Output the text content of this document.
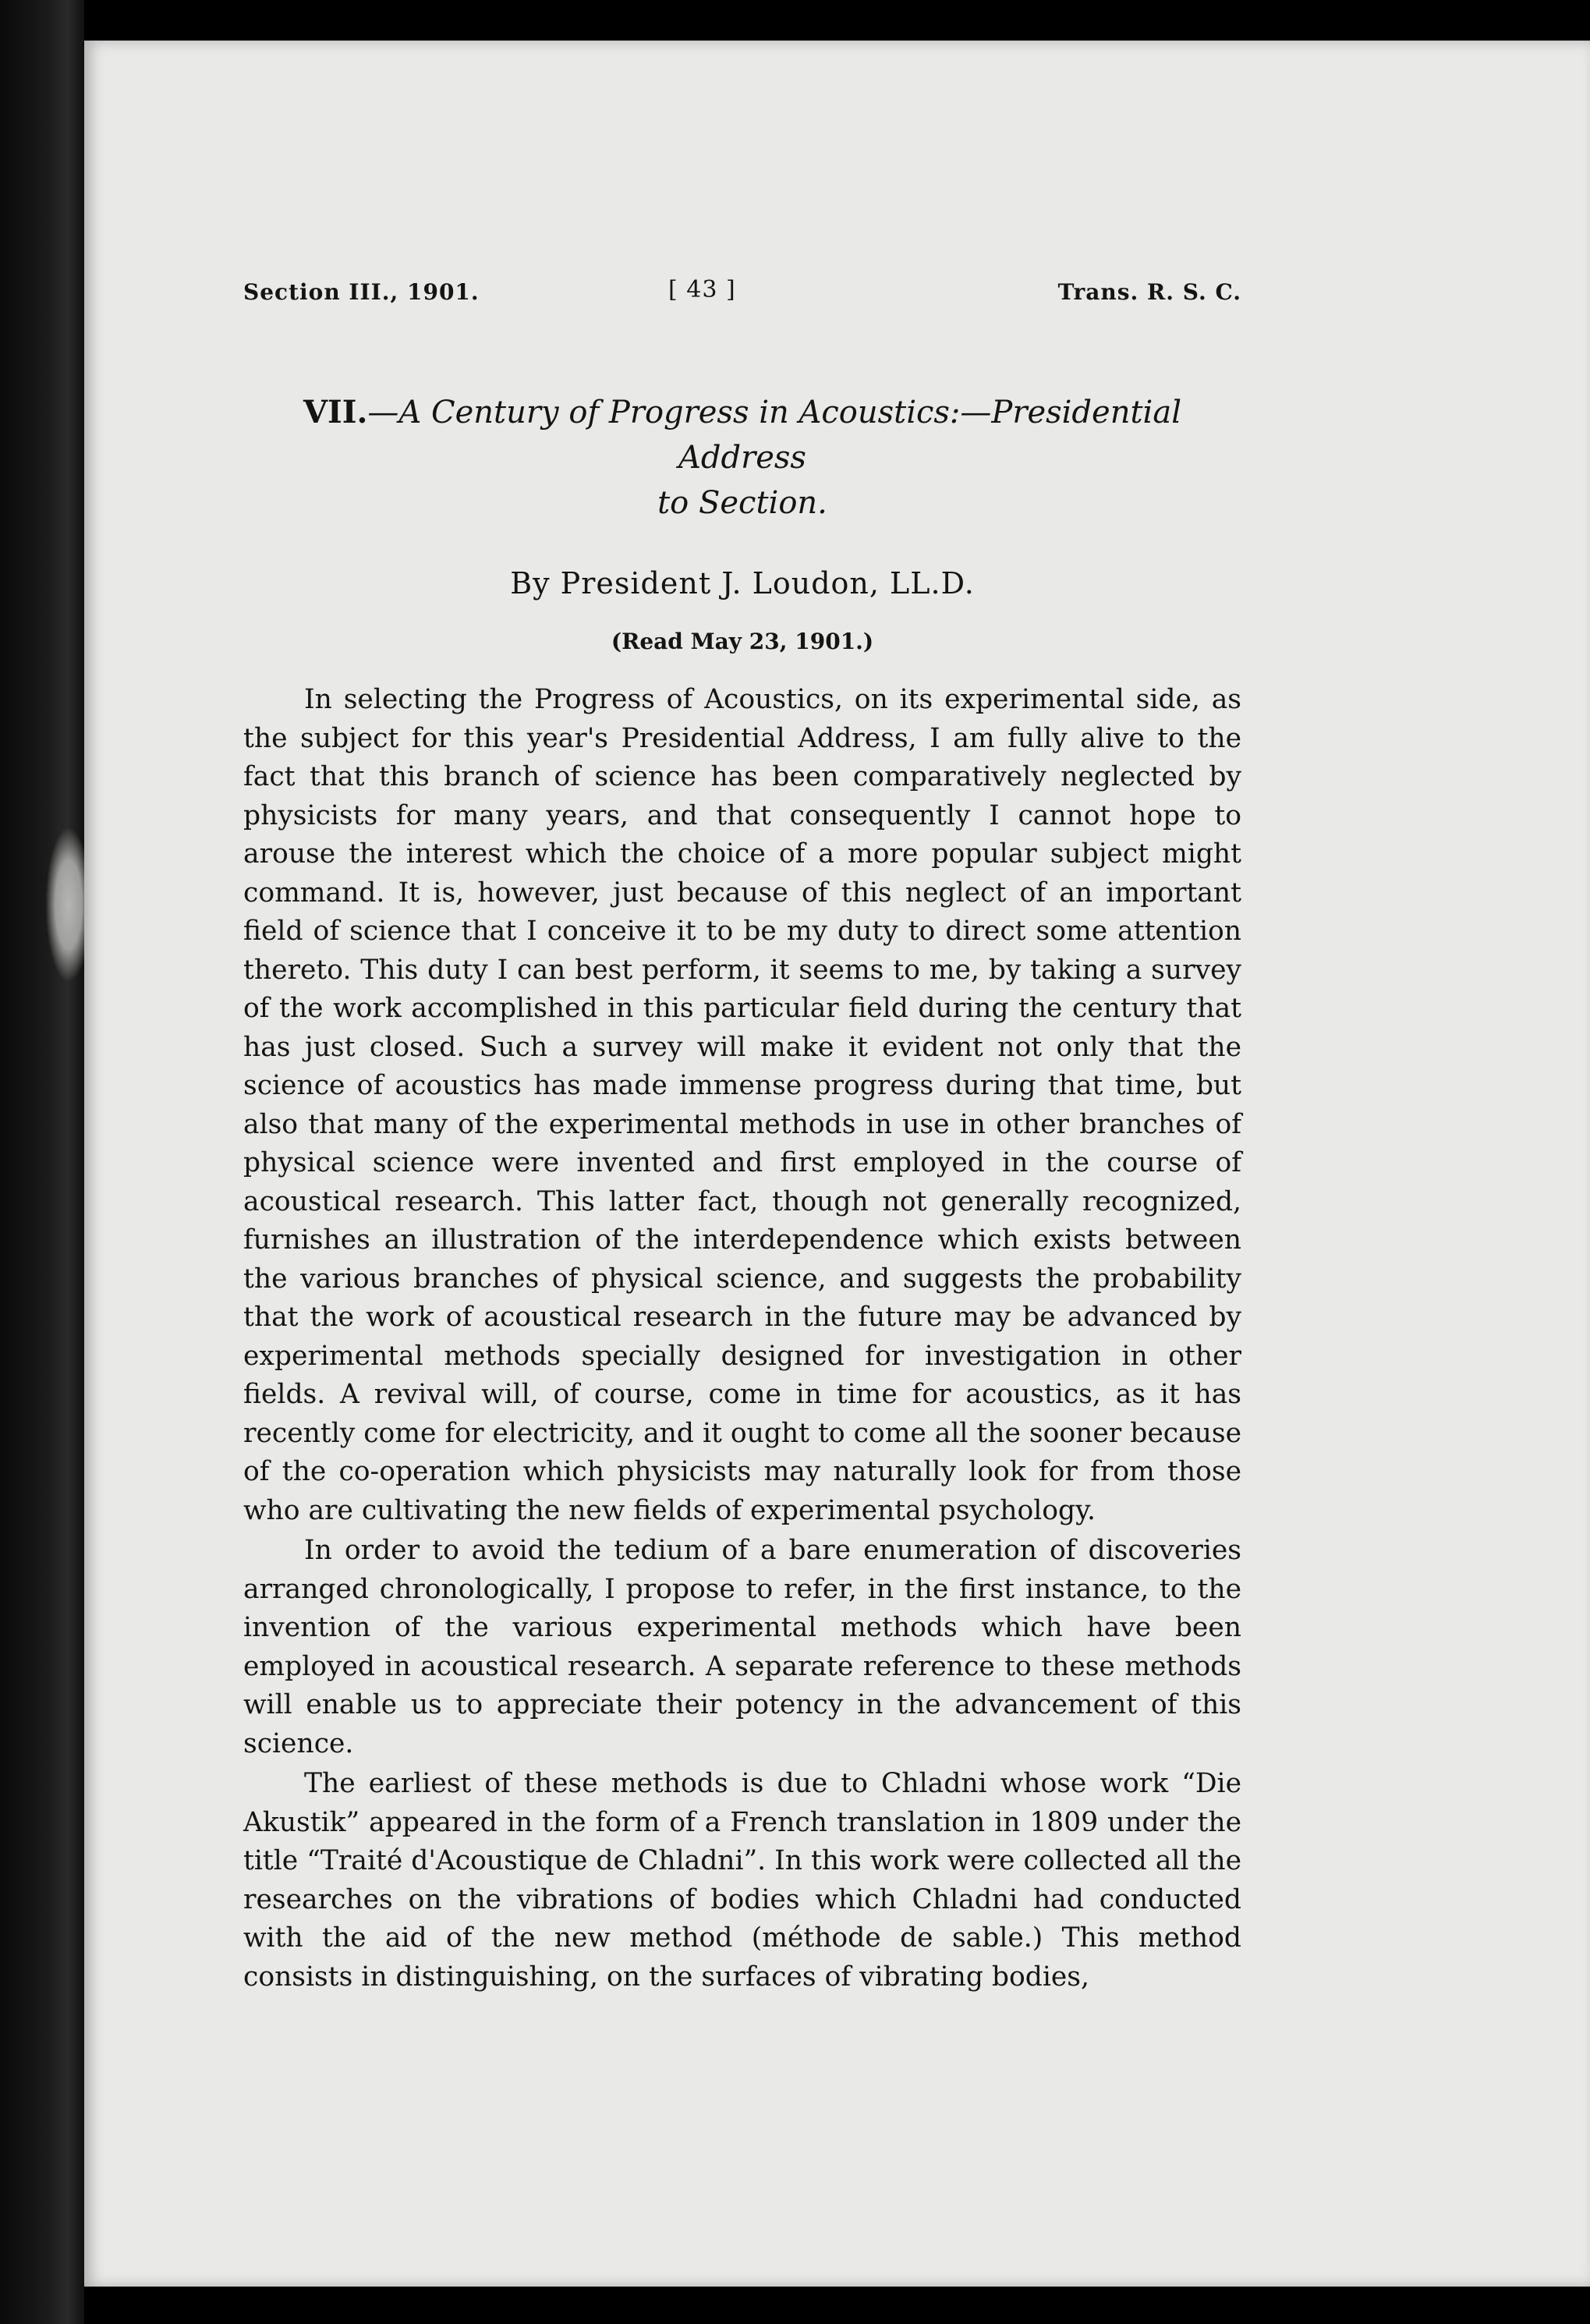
Section III., 1901.	[ 43 ]	Trans. R. S. C.
VII.—A Century of Progress in Acoustics:—Presidential Address
to Section.
By President J. Loudon, LL.D.
(Read May 23, 1901.)

In selecting the Progress of Acoustics, on its experimental side, as the subject for this year's Presidential Address, I am fully alive to the fact that this branch of science has been comparatively neglected by physicists for many years, and that consequently I cannot hope to arouse the interest which the choice of a more popular subject might command. It is, however, just because of this neglect of an important field of science that I conceive it to be my duty to direct some attention thereto. This duty I can best perform, it seems to me, by taking a survey of the work accomplished in this particular field during the century that has just closed. Such a survey will make it evident not only that the science of acoustics has made immense progress during that time, but also that many of the experimental methods in use in other branches of physical science were invented and first employed in the course of acoustical research. This latter fact, though not generally recognized, furnishes an illustration of the interdependence which exists between the various branches of physical science, and suggests the probability that the work of acoustical research in the future may be advanced by experimental methods specially designed for investigation in other fields. A revival will, of course, come in time for acoustics, as it has recently come for electricity, and it ought to come all the sooner because of the co-operation which physicists may naturally look for from those who are cultivating the new fields of experimental psychology.

In order to avoid the tedium of a bare enumeration of discoveries arranged chronologically, I propose to refer, in the first instance, to the invention of the various experimental methods which have been employed in acoustical research. A separate reference to these methods will enable us to appreciate their potency in the advancement of this science.

The earliest of these methods is due to Chladni whose work “Die Akustik” appeared in the form of a French translation in 1809 under the title “Traité d'Acoustique de Chladni”. In this work were collected all the researches on the vibrations of bodies which Chladni had conducted with the aid of the new method (méthode de sable.) This method consists in distinguishing, on the surfaces of vibrating bodies,
